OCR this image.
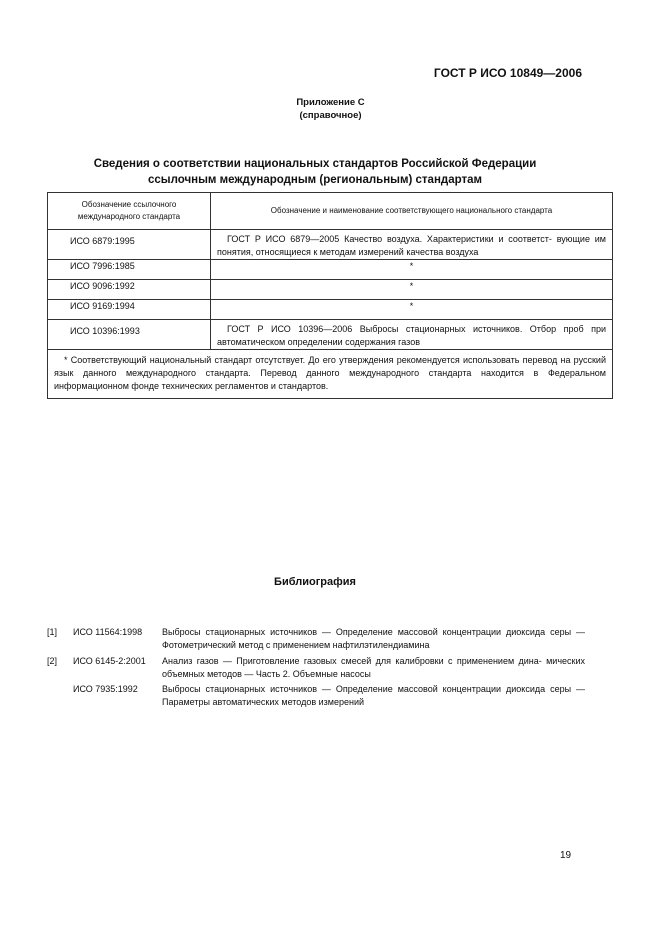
ГОСТ Р ИСО 10849—2006
Приложение С
(справочное)
Сведения о соответствии национальных стандартов Российской Федерации
ссылочным международным (региональным) стандартам
Обозначение ссылочного
международного стандарта	Обозначение и наименование соответствующего национального стандарта

ИСО 6879:1995	ГОСТ Р ИСО 6879—2005 Качество воздуха. Характеристики и соответст- вующие им понятия, относящиеся к методам измерений качества воздуха

ИСО 7996:1985	*
ИСО 9096:1992	*
ИСО 9169:1994	*

ИСО 10396:1993	ГОСТ Р ИСО 10396—2006 Выбросы стационарных источников. Отбор проб при автоматическом определении содержания газов

* Соответствующий национальный стандарт отсутствует. До его утверждения рекомендуется использовать перевод на русский язык данного международного стандарта. Перевод данного международного стандарта находится в Федеральном информационном фонде технических регламентов и стандартов.	
Библиография
[1] ИСО 11564:1998 Выбросы стационарных источников — Определение массовой концентрации диоксида серы — Фотометрический метод с применением нафтилэтилендиамина
[2] ИСО 6145-2:2001 Анализ газов — Приготовление газовых смесей для калибровки с применением дина- мических объемных методов — Часть 2. Объемные насосы
ИСО 7935:1992	Выбросы стационарных источников — Определение массовой концентрации диоксида серы — Параметры автоматических методов измерений
19
